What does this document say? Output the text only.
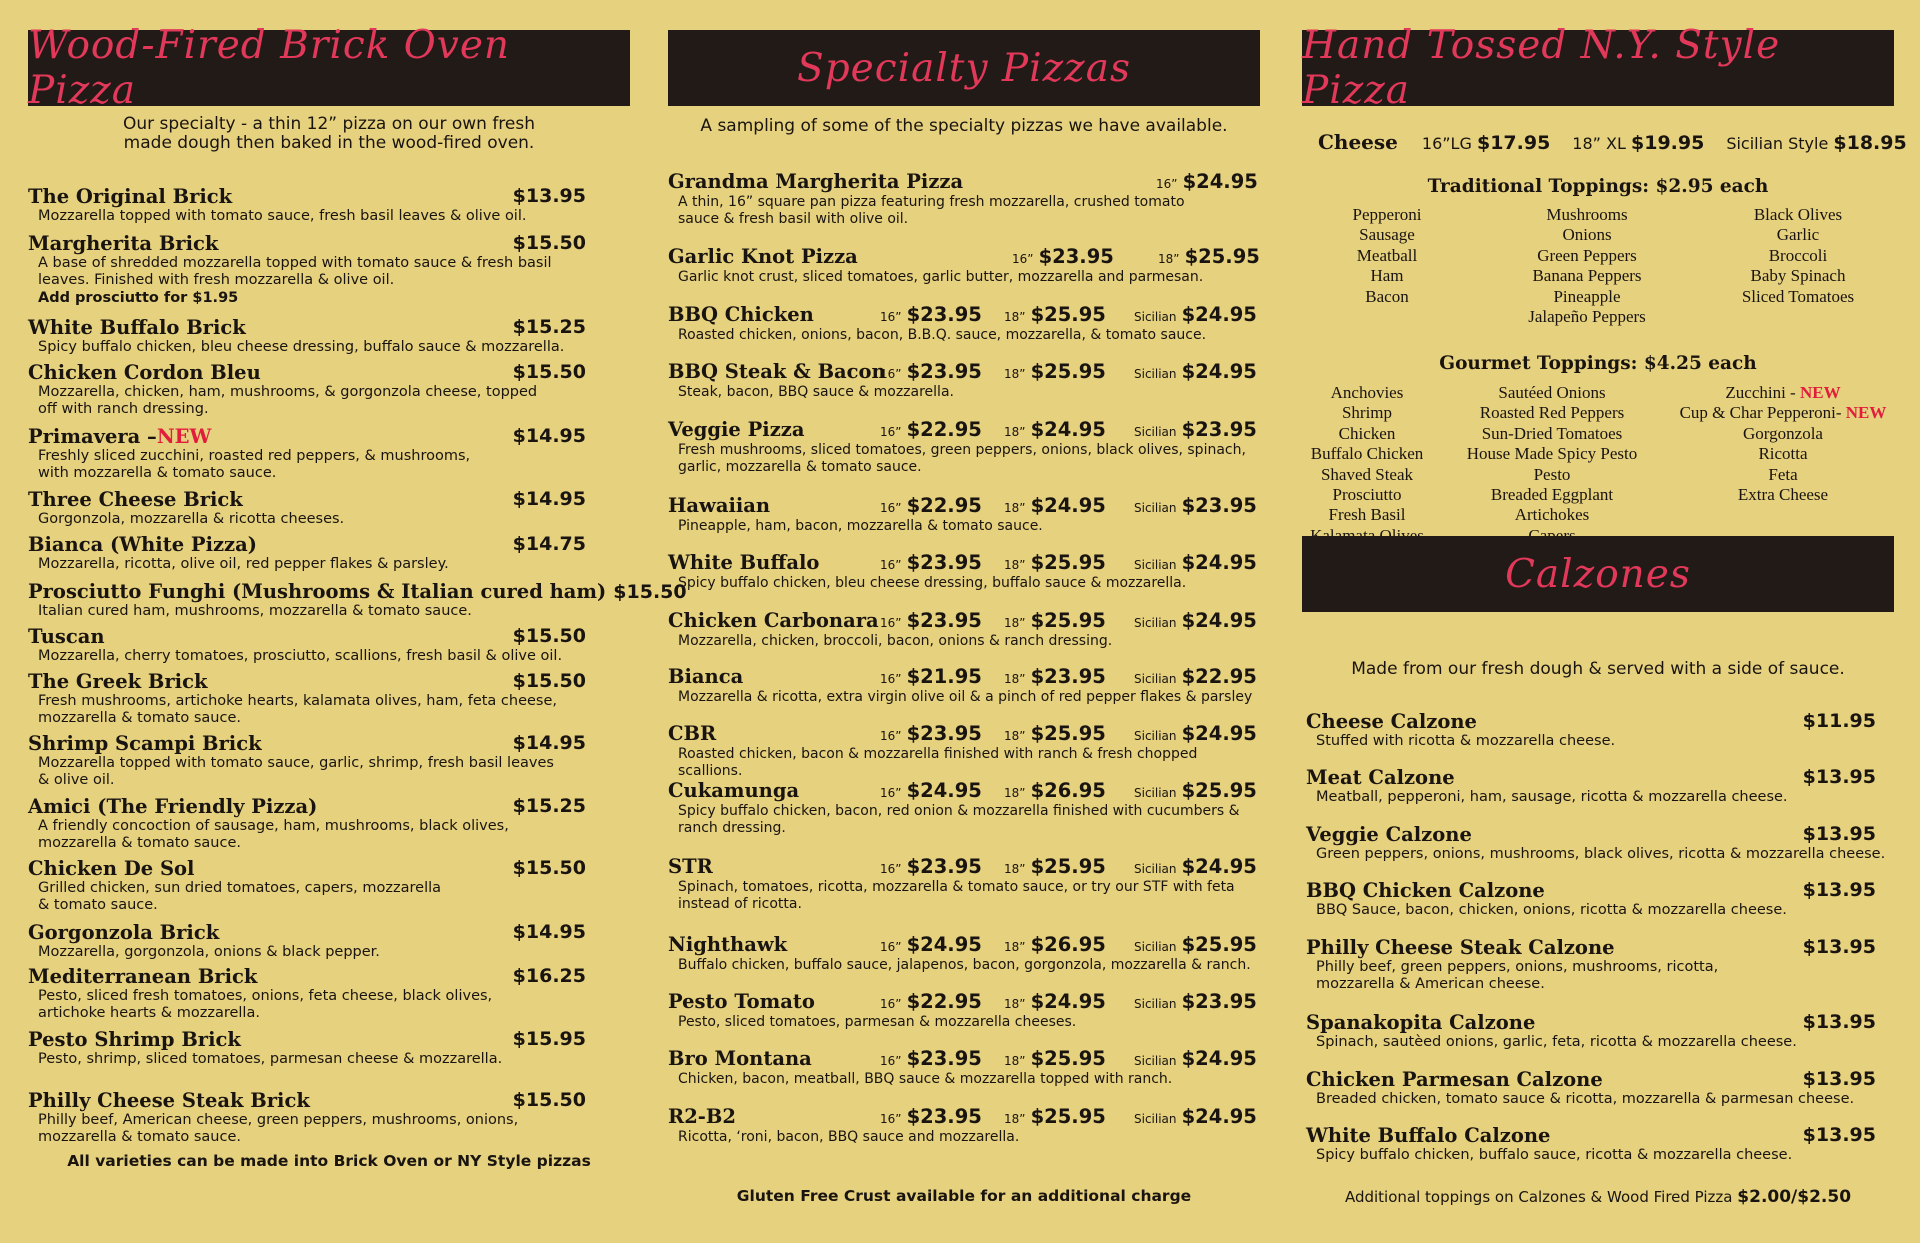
Wood-Fired Brick Oven Pizza
Our specialty - a thin 12” pizza on our own fresh
made dough then baked in the wood-fired oven.
The Original Brick	$13.95
Mozzarella topped with tomato sauce, fresh basil leaves & olive oil.
Margherita Brick	$15.50
A base of shredded mozzarella topped with tomato sauce & fresh basil
leaves. Finished with fresh mozzarella & olive oil.
Add prosciutto for $1.95
White Buffalo Brick	$15.25
Spicy buffalo chicken, bleu cheese dressing, buffalo sauce & mozzarella.
Chicken Cordon Bleu	$15.50
Mozzarella, chicken, ham, mushrooms, & gorgonzola cheese, topped
off with ranch dressing.
Primavera – NEW	$14.95
Freshly sliced zucchini, roasted red peppers, & mushrooms,
with mozzarella & tomato sauce.
Three Cheese Brick	$14.95
Gorgonzola, mozzarella & ricotta cheeses.
Bianca (White Pizza)	$14.75
Mozzarella, ricotta, olive oil, red pepper flakes & parsley.
Prosciutto Funghi (Mushrooms & Italian cured ham) $15.50
Italian cured ham, mushrooms, mozzarella & tomato sauce.
Tuscan	$15.50
Mozzarella, cherry tomatoes, prosciutto, scallions, fresh basil & olive oil.
The Greek Brick	$15.50
Fresh mushrooms, artichoke hearts, kalamata olives, ham, feta cheese,
mozzarella & tomato sauce.
Shrimp Scampi Brick	$14.95
Mozzarella topped with tomato sauce, garlic, shrimp, fresh basil leaves
& olive oil.
Amici (The Friendly Pizza)	$15.25
A friendly concoction of sausage, ham, mushrooms, black olives,
mozzarella & tomato sauce.
Chicken De Sol	$15.50
Grilled chicken, sun dried tomatoes, capers, mozzarella
& tomato sauce.
Gorgonzola Brick	$14.95
Mozzarella, gorgonzola, onions & black pepper.
Mediterranean Brick	$16.25
Pesto, sliced fresh tomatoes, onions, feta cheese, black olives,
artichoke hearts & mozzarella.
Pesto Shrimp Brick	$15.95
Pesto, shrimp, sliced tomatoes, parmesan cheese & mozzarella.
Philly Cheese Steak Brick	$15.50
Philly beef, American cheese, green peppers, mushrooms, onions,
mozzarella & tomato sauce.
All varieties can be made into Brick Oven or NY Style pizzas
Specialty Pizzas
A sampling of some of the specialty pizzas we have available.
Grandma Margherita Pizza	16” $24.95
A thin, 16” square pan pizza featuring fresh mozzarella, crushed tomato
sauce & fresh basil with olive oil.
Garlic Knot Pizza	16” $23.95	18” $25.95
Garlic knot crust, sliced tomatoes, garlic butter, mozzarella and parmesan.
BBQ Chicken	16” $23.95 18” $25.95 Sicilian $24.95
Roasted chicken, onions, bacon, B.B.Q. sauce, mozzarella, & tomato sauce.
BBQ Steak & Bacon
16” $23.95 18” $25.95 Sicilian $24.95
Steak, bacon, BBQ sauce & mozzarella.
Veggie Pizza	16” $22.95 18” $24.95 Sicilian $23.95
Fresh mushrooms, sliced tomatoes, green peppers, onions, black olives, spinach,
garlic, mozzarella & tomato sauce.
Hawaiian	16” $22.95 18” $24.95 Sicilian $23.95
Pineapple, ham, bacon, mozzarella & tomato sauce.
White Buffalo	16” $23.95 18” $25.95 Sicilian $24.95
Spicy buffalo chicken, bleu cheese dressing, buffalo sauce & mozzarella.
Chicken Carbonara 16” $23.95 18” $25.95 Sicilian $24.95
Mozzarella, chicken, broccoli, bacon, onions & ranch dressing.
Bianca	16” $21.95 18” $23.95 Sicilian $22.95
Mozzarella & ricotta, extra virgin olive oil & a pinch of red pepper flakes & parsley
CBR	16” $23.95 18” $25.95 Sicilian $24.95
Roasted chicken, bacon & mozzarella finished with ranch & fresh chopped scallions.
Cukamunga	16” $24.95 18” $26.95 Sicilian $25.95
Spicy buffalo chicken, bacon, red onion & mozzarella finished with cucumbers &
ranch dressing.
STR	16” $23.95 18” $25.95 Sicilian $24.95
Spinach, tomatoes, ricotta, mozzarella & tomato sauce, or try our STF with feta
instead of ricotta.
Nighthawk	16” $24.95 18” $26.95 Sicilian $25.95
Buffalo chicken, buffalo sauce, jalapenos, bacon, gorgonzola, mozzarella & ranch.
Pesto Tomato	16” $22.95 18” $24.95 Sicilian $23.95
Pesto, sliced tomatoes, parmesan & mozzarella cheeses.
Bro Montana	16” $23.95 18” $25.95 Sicilian $24.95
Chicken, bacon, meatball, BBQ sauce & mozzarella topped with ranch.
R2-B2	16” $23.95 18” $25.95 Sicilian $24.95
Ricotta, ‘roni, bacon, BBQ sauce and mozzarella.
Gluten Free Crust available for an additional charge
Hand Tossed N.Y. Style Pizza
Cheese 16”LG $17.95 18” XL $19.95 Sicilian Style $18.95
Traditional Toppings: $2.95 each
Pepperoni
Sausage
Meatball
Ham
Bacon
Mushrooms
Onions
Green Peppers
Banana Peppers
Pineapple
Jalapeño Peppers
Black Olives
Garlic
Broccoli
Baby Spinach
Sliced Tomatoes
Gourmet Toppings: $4.25 each
Anchovies
Shrimp
Chicken
Buffalo Chicken
Shaved Steak
Prosciutto
Fresh Basil
Sautéed Onions
Roasted Red Peppers
Sun-Dried Tomatoes
House Made Spicy Pesto
Pesto
Breaded Eggplant
Artichokes
Zucchini - NEW
Cup & Char Pepperoni- NEW
Gorgonzola
Ricotta
Feta
Extra Cheese
Calzones
Made from our fresh dough & served with a side of sauce.
Cheese Calzone	$11.95
Stuffed with ricotta & mozzarella cheese.
Meat Calzone	$13.95
Meatball, pepperoni, ham, sausage, ricotta & mozzarella cheese.
Veggie Calzone	$13.95
Green peppers, onions, mushrooms, black olives, ricotta & mozzarella cheese.
BBQ Chicken Calzone	$13.95
BBQ Sauce, bacon, chicken, onions, ricotta & mozzarella cheese.
Philly Cheese Steak Calzone	$13.95
Philly beef, green peppers, onions, mushrooms, ricotta,
mozzarella & American cheese.
Spanakopita Calzone	$13.95
Spinach, sautèed onions, garlic, feta, ricotta & mozzarella cheese.
Chicken Parmesan Calzone	$13.95
Breaded chicken, tomato sauce & ricotta, mozzarella & parmesan cheese.
White Buffalo Calzone	$13.95
Spicy buffalo chicken, buffalo sauce, ricotta & mozzarella cheese.
Additional toppings on Calzones & Wood Fired Pizza $2.00/$2.50
